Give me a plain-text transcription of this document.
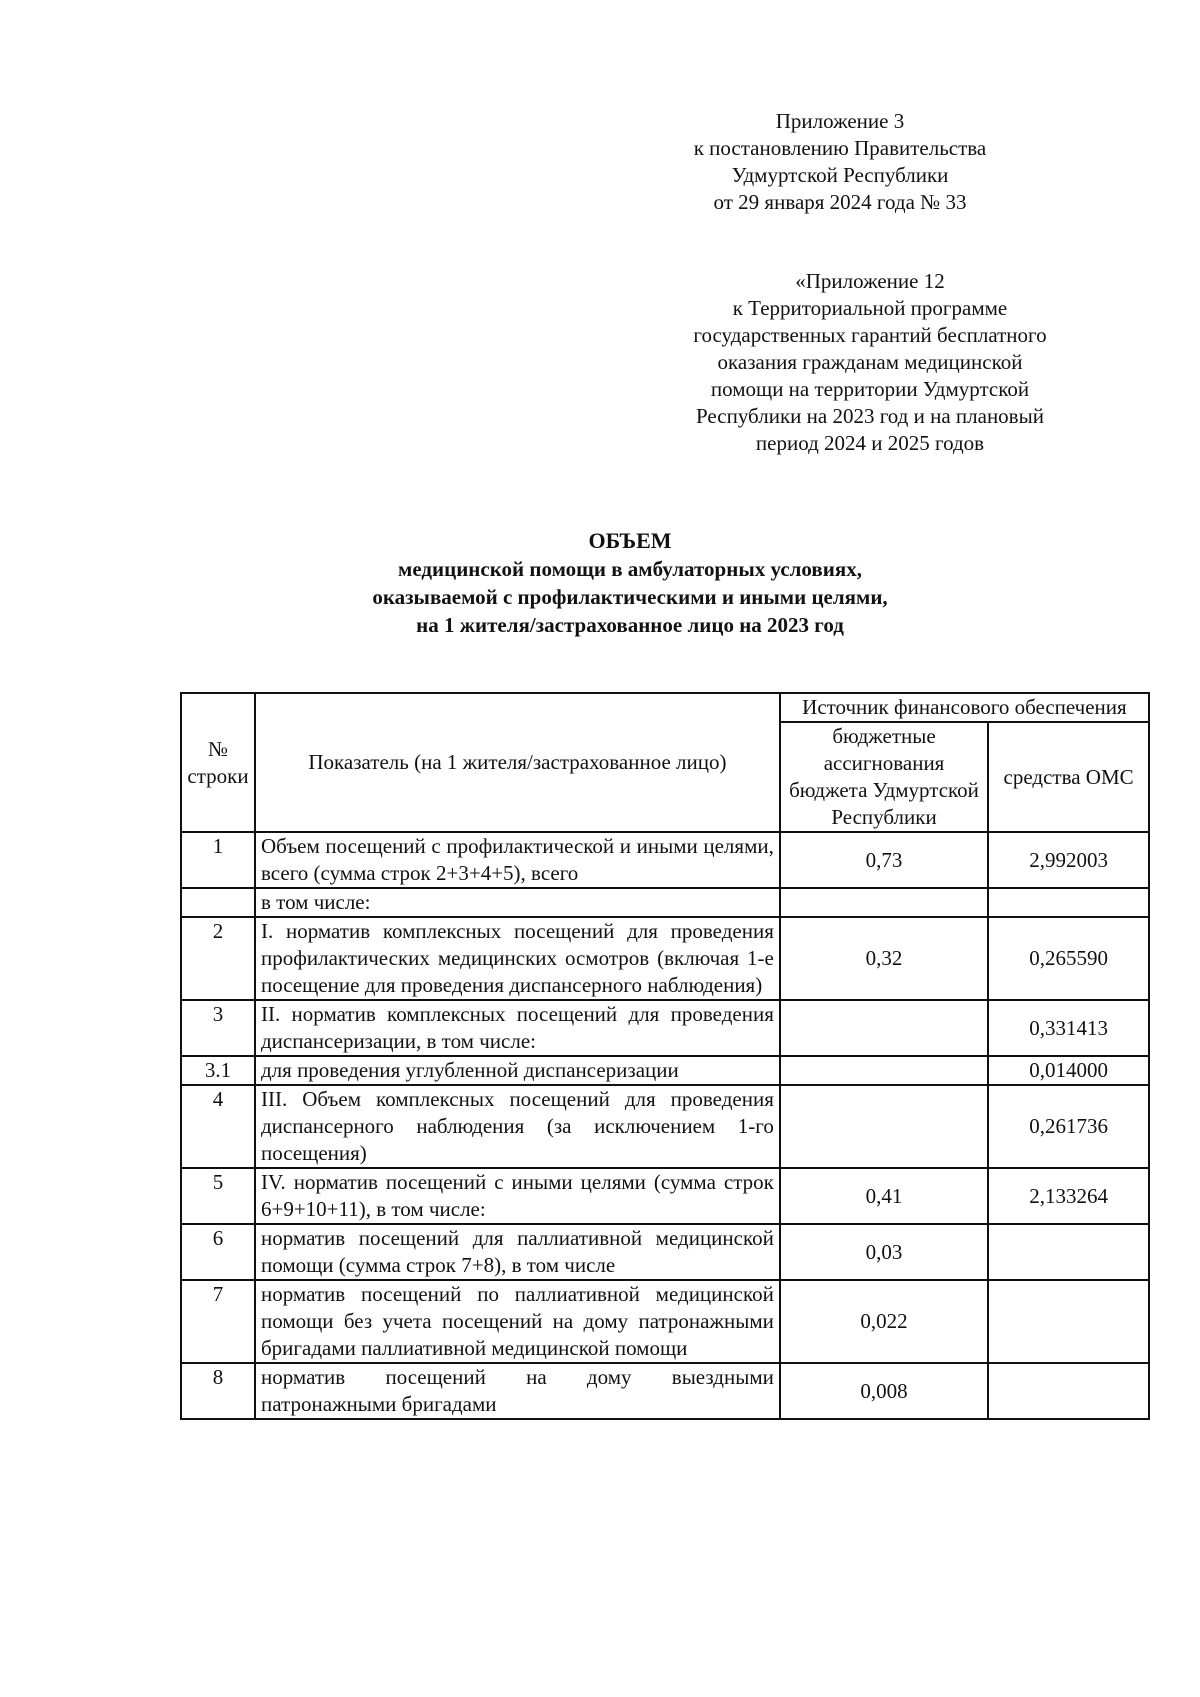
Приложение 3
к постановлению Правительства
Удмуртской Республики
от 29 января 2024 года № 33
«Приложение 12
к Территориальной программе
государственных гарантий бесплатного
оказания гражданам медицинской
помощи на территории Удмуртской
Республики на 2023 год и на плановый
период 2024 и 2025 годов
ОБЪЕМ
медицинской помощи в амбулаторных условиях,
оказываемой с профилактическими и иными целями,
на 1 жителя/застрахованное лицо на 2023 год
№ строки	Показатель (на 1 жителя/застрахованное лицо)	Источник финансового обеспечения	
		бюджетные ассигнования бюджета Удмуртской Республики	средства ОМС
1	Объем посещений с профилактической и иными целями, всего (сумма строк 2+3+4+5), всего	0,73	2,992003
	в том числе:		
2	I. норматив комплексных посещений для проведения профилактических медицинских осмотров (включая 1-е посещение для проведения диспансерного наблюдения)	0,32	0,265590
3	II. норматив комплексных посещений для проведения диспансеризации, в том числе:		0,331413
3.1	для проведения углубленной диспансеризации		0,014000
4	III. Объем комплексных посещений для проведения диспансерного наблюдения (за исключением 1-го посещения)		0,261736
5	IV. норматив посещений с иными целями (сумма строк 6+9+10+11), в том числе:	0,41	2,133264
6	норматив посещений для паллиативной медицинской помощи (сумма строк 7+8), в том числе	0,03	
7	норматив посещений по паллиативной медицинской помощи без учета посещений на дому патронажными бригадами паллиативной медицинской помощи	0,022	
8	норматив посещений на дому выездными патронажными бригадами	0,008	
